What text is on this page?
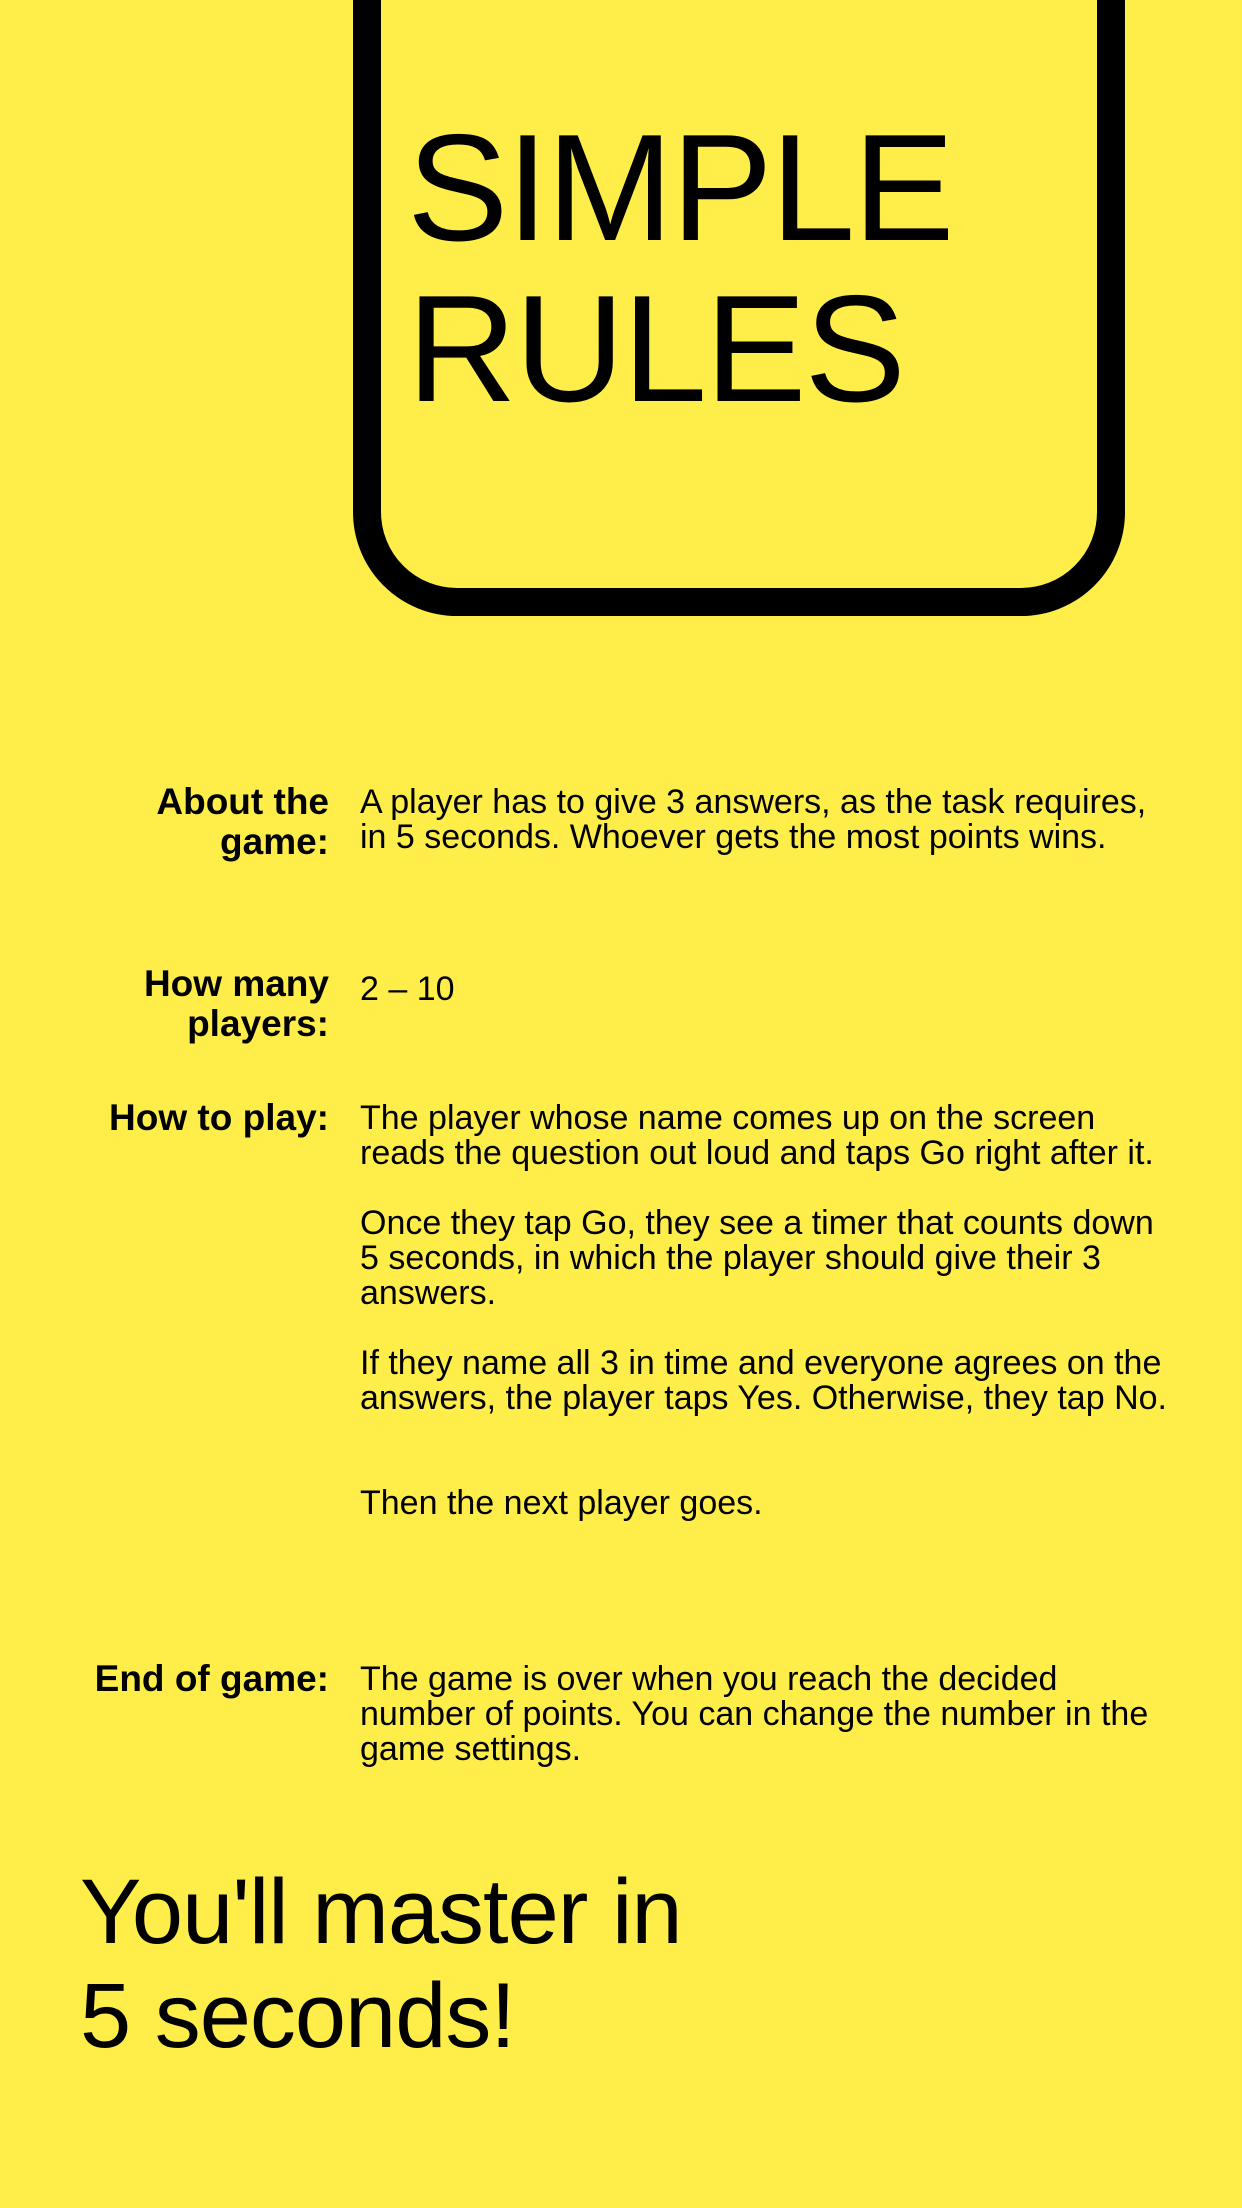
SIMPLE
RULES
About the
game:

A player has to give 3 answers, as the task requires, in 5 seconds. Whoever gets the most points wins.

How many
players:

2 – 10

How to play: The player whose name comes up on the screen reads the question out loud and taps Go right after it.

Once they tap Go, they see a timer that counts down 5 seconds, in which the player should give their 3 answers.

If they name all 3 in time and everyone agrees on the answers, the player taps Yes. Otherwise, they tap No.

Then the next player goes.

End of game: The game is over when you reach the decided number of points. You can change the number in the game settings.

You'll master in
5 seconds!
